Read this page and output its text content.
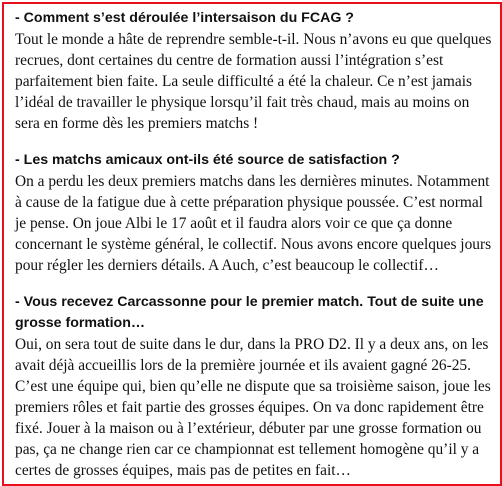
- Comment s’est déroulée l’intersaison du FCAG ?

Tout le monde a hâte de reprendre semble-t-il. Nous n’avons eu que quelques recrues, dont certaines du centre de formation aussi l’intégration s’est parfaitement bien faite. La seule difficulté a été la chaleur. Ce n’est jamais l’idéal de travailler le physique lorsqu’il fait très chaud, mais au moins on sera en forme dès les premiers matchs !

- Les matchs amicaux ont-ils été source de satisfaction ?

On a perdu les deux premiers matchs dans les dernières minutes. Notamment à cause de la fatigue due à cette préparation physique poussée. C’est normal je pense. On joue Albi le 17 août et il faudra alors voir ce que ça donne concernant le système général, le collectif. Nous avons encore quelques jours pour régler les derniers détails. A Auch, c’est beaucoup le collectif…

- Vous recevez Carcassonne pour le premier match. Tout de suite une grosse formation…

Oui, on sera tout de suite dans le dur, dans la PRO D2. Il y a deux ans, on les avait déjà accueillis lors de la première journée et ils avaient gagné 26-25. C’est une équipe qui, bien qu’elle ne dispute que sa troisième saison, joue les premiers rôles et fait partie des grosses équipes. On va donc rapidement être fixé. Jouer à la maison ou à l’extérieur, débuter par une grosse formation ou pas, ça ne change rien car ce championnat est tellement homogène qu’il y a certes de grosses équipes, mais pas de petites en fait…
